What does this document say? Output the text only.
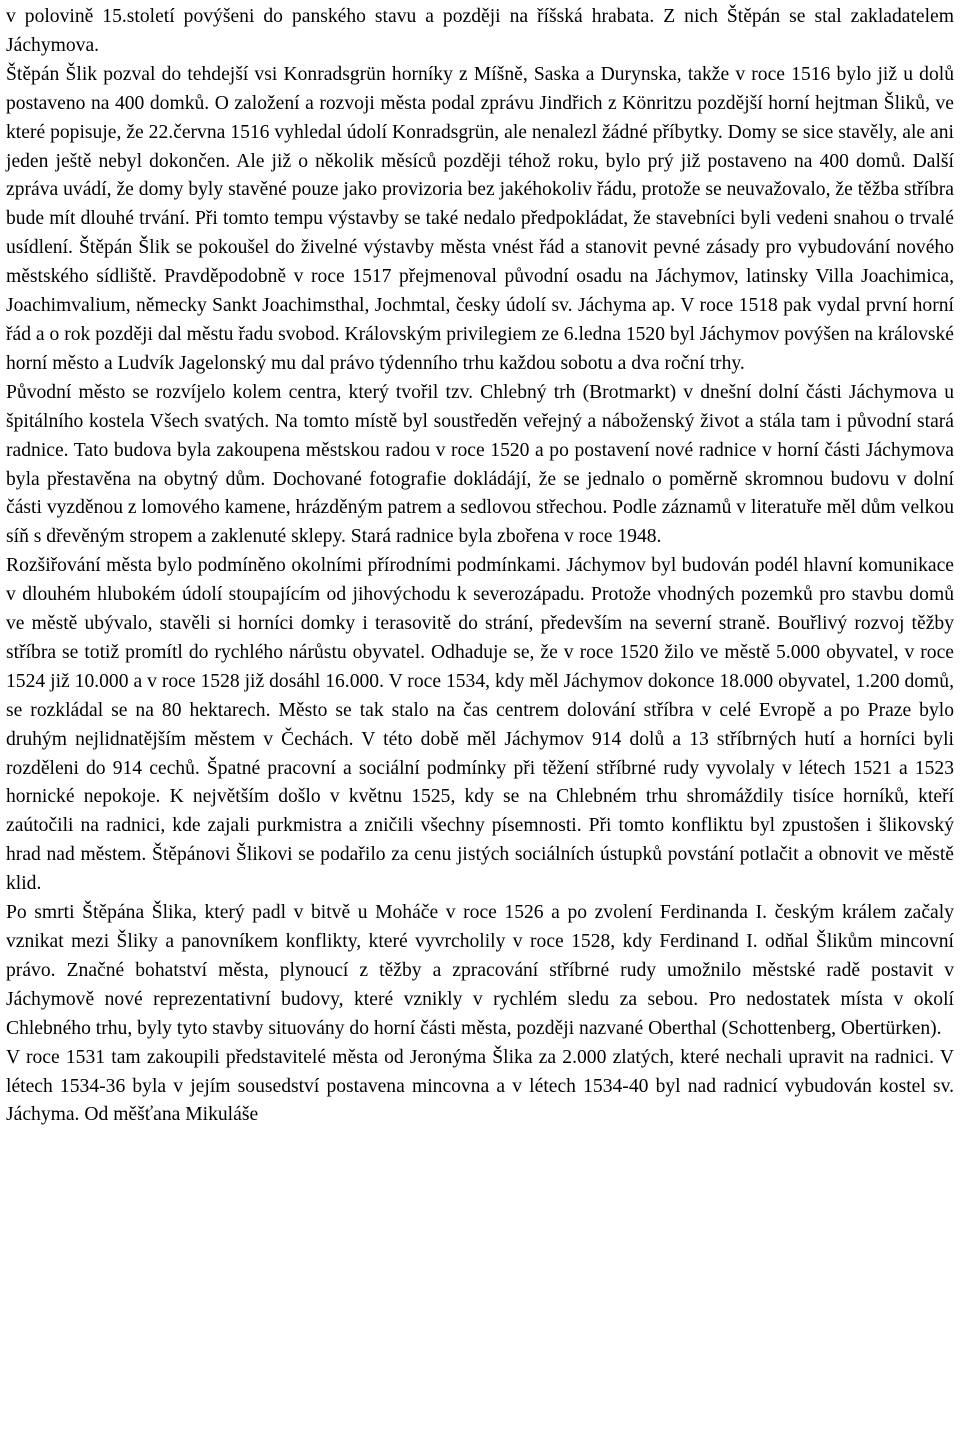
v polovině 15.století povýšeni do panského stavu a později na říšská hrabata. Z nich Štěpán se stal zakladatelem Jáchymova.

Štěpán Šlik pozval do tehdejší vsi Konradsgrün horníky z Míšně, Saska a Durynska, takže v roce 1516 bylo již u dolů postaveno na 400 domků. O založení a rozvoji města podal zprávu Jindřich z Könritzu pozdější horní hejtman Šliků, ve které popisuje, že 22.června 1516 vyhledal údolí Konradsgrün, ale nenalezl žádné příbytky. Domy se sice stavěly, ale ani jeden ještě nebyl dokončen. Ale již o několik měsíců později téhož roku, bylo prý již postaveno na 400 domů. Další zpráva uvádí, že domy byly stavěné pouze jako provizoria bez jakéhokoliv řádu, protože se neuvažovalo, že těžba stříbra bude mít dlouhé trvání. Při tomto tempu výstavby se také nedalo předpokládat, že stavebníci byli vedeni snahou o trvalé usídlení. Štěpán Šlik se pokoušel do živelné výstavby města vnést řád a stanovit pevné zásady pro vybudování nového městského sídliště. Pravděpodobně v roce 1517 přejmenoval původní osadu na Jáchymov, latinsky Villa Joachimica, Joachimvalium, německy Sankt Joachimsthal, Jochmtal, česky údolí sv. Jáchyma ap. V roce 1518 pak vydal první horní řád a o rok později dal městu řadu svobod. Královským privilegiem ze 6.ledna 1520 byl Jáchymov povýšen na královské horní město a Ludvík Jagelonský mu dal právo týdenního trhu každou sobotu a dva roční trhy.

Původní město se rozvíjelo kolem centra, který tvořil tzv. Chlebný trh (Brotmarkt) v dnešní dolní části Jáchymova u špitálního kostela Všech svatých. Na tomto místě byl soustředěn veřejný a náboženský život a stála tam i původní stará radnice. Tato budova byla zakoupena městskou radou v roce 1520 a po postavení nové radnice v horní části Jáchymova byla přestavěna na obytný dům. Dochované fotografie dokládájí, že se jednalo o poměrně skromnou budovu v dolní části vyzděnou z lomového kamene, hrázděným patrem a sedlovou střechou. Podle záznamů v literatuře měl dům velkou síň s dřevěným stropem a zaklenuté sklepy. Stará radnice byla zbořena v roce 1948.

Rozšiřování města bylo podmíněno okolními přírodními podmínkami. Jáchymov byl budován podél hlavní komunikace v dlouhém hlubokém údolí stoupajícím od jihovýchodu k severozápadu. Protože vhodných pozemků pro stavbu domů ve městě ubývalo, stavěli si horníci domky i terasovitě do strání, především na severní straně. Bouřlivý rozvoj těžby stříbra se totiž promítl do rychlého nárůstu obyvatel. Odhaduje se, že v roce 1520 žilo ve městě 5.000 obyvatel, v roce 1524 již 10.000 a v roce 1528 již dosáhl 16.000. V roce 1534, kdy měl Jáchymov dokonce 18.000 obyvatel, 1.200 domů, se rozkládal se na 80 hektarech. Město se tak stalo na čas centrem dolování stříbra v celé Evropě a po Praze bylo druhým nejlidnatějším městem v Čechách. V této době měl Jáchymov 914 dolů a 13 stříbrných hutí a horníci byli rozděleni do 914 cechů. Špatné pracovní a sociální podmínky při těžení stříbrné rudy vyvolaly v létech 1521 a 1523 hornické nepokoje. K největším došlo v květnu 1525, kdy se na Chlebném trhu shromáždily tisíce horníků, kteří zaútočili na radnici, kde zajali purkmistra a zničili všechny písemnosti. Při tomto konfliktu byl zpustošen i šlikovský hrad nad městem. Štěpánovi Šlikovi se podařilo za cenu jistých sociálních ústupků povstání potlačit a obnovit ve městě klid.

Po smrti Štěpána Šlika, který padl v bitvě u Moháče v roce 1526 a po zvolení Ferdinanda I. českým králem začaly vznikat mezi Šliky a panovníkem konflikty, které vyvrcholily v roce 1528, kdy Ferdinand I. odňal Šlikům mincovní právo. Značné bohatství města, plynoucí z těžby a zpracování stříbrné rudy umožnilo městské radě postavit v Jáchymově nové reprezentativní budovy, které vznikly v rychlém sledu za sebou. Pro nedostatek místa v okolí Chlebného trhu, byly tyto stavby situovány do horní části města, později nazvané Oberthal (Schottenberg, Obertürken).

V roce 1531 tam zakoupili představitelé města od Jeronýma Šlika za 2.000 zlatých, které nechali upravit na radnici. V létech 1534-36 byla v jejím sousedství postavena mincovna a v létech 1534-40 byl nad radnicí vybudován kostel sv. Jáchyma. Od měšťana Mikuláše
